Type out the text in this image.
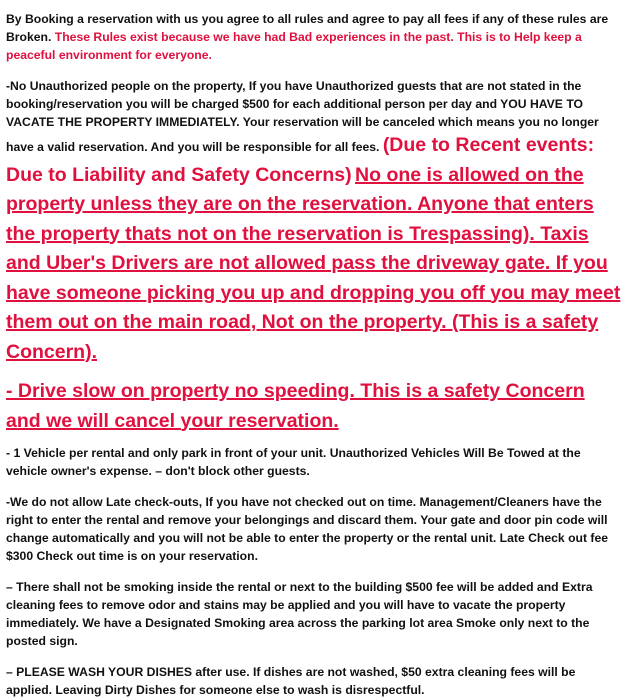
By Booking a reservation with us you agree to all rules and agree to pay all fees if any of these rules are Broken. These Rules exist because we have had Bad experiences in the past. This is to Help keep a peaceful environment for everyone.

-No Unauthorized people on the property, If you have Unauthorized guests that are not stated in the booking/reservation you will be charged $500 for each additional person per day and YOU HAVE TO VACATE THE PROPERTY IMMEDIATELY. Your reservation will be canceled which means you no longer have a valid reservation. And you will be responsible for all fees. (Due to Recent events: Due to Liability and Safety Concerns) No one is allowed on the property unless they are on the reservation. Anyone that enters the property thats not on the reservation is Trespassing). Taxis and Uber's Drivers are not allowed pass the driveway gate. If you have someone picking you up and dropping you off you may meet them out on the main road, Not on the property. (This is a safety Concern).

- Drive slow on property no speeding. This is a safety Concern and we will cancel your reservation.

- 1 Vehicle per rental and only park in front of your unit. Unauthorized Vehicles Will Be Towed at the vehicle owner's expense. – don't block other guests.

-We do not allow Late check-outs, If you have not checked out on time. Management/Cleaners have the right to enter the rental and remove your belongings and discard them. Your gate and door pin code will change automatically and you will not be able to enter the property or the rental unit. Late Check out fee $300 Check out time is on your reservation.

– There shall not be smoking inside the rental or next to the building $500 fee will be added and Extra cleaning fees to remove odor and stains may be applied and you will have to vacate the property immediately. We have a Designated Smoking area across the parking lot area Smoke only next to the posted sign.

– PLEASE WASH YOUR DISHES after use. If dishes are not washed, $50 extra cleaning fees will be applied. Leaving Dirty Dishes for someone else to wash is disrespectful.
